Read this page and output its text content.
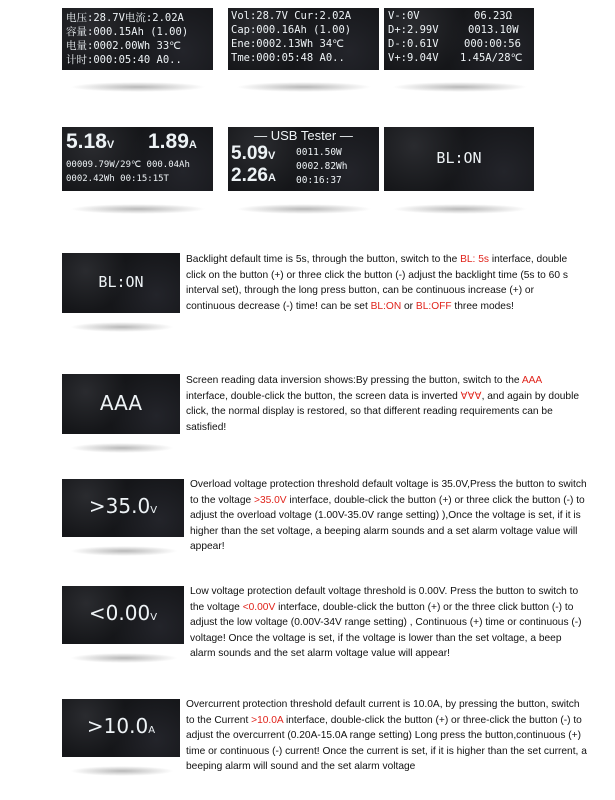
电压:28.7V电流:2.02A
容量:000.15Ah (1.00)
电量:0002.00Wh 33℃
计时:000:05:40 A0..
Vol:28.7V Cur:2.02A
Cap:000.16Ah (1.00)
Ene:0002.13Wh 34℃
Tme:000:05:48 A0..
V-:0V	06.23Ω
D+:2.99V	0013.10W
D-:0.61V 000:00:56
V+:9.04V 1.45A/28℃
5.18V 1.89A
00009.79W/29℃ 000.04Ah
0002.42Wh 00:15:15T
— USB Tester —
5.09V
2.26A
0011.50W
0002.82Wh
00:16:37
BL:ON
BL:ON
Backlight default time is 5s, through the button, switch to the BL: 5s interface, double click on the button (+) or three click the button (-) adjust the backlight time (5s to 60 s interval set), through the long press button, can be continuous increase (+) or continuous decrease (-) time! can be set BL:ON or BL:OFF three modes!
AAA
Screen reading data inversion shows:By pressing the button, switch to the AAA interface, double-click the button, the screen data is inverted ∀∀∀, and again by double click, the normal display is restored, so that different reading requirements can be satisfied!
>35.0V
Overload voltage protection threshold default voltage is 35.0V,Press the button to switch to the voltage >35.0V interface, double-click the button (+) or three click the button (-) to adjust the overload voltage (1.00V-35.0V range setting) ),Once the voltage is set, if it is higher than the set voltage, a beeping alarm sounds and a set alarm voltage value will appear!
<0.00V
Low voltage protection default voltage threshold is 0.00V. Press the button to switch to the voltage <0.00V interface, double-click the button (+) or the three click button (-) to adjust the low voltage (0.00V-34V range setting) , Continuous (+) time or continuous (-) voltage! Once the voltage is set, if the voltage is lower than the set voltage, a beep alarm sounds and the set alarm voltage value will appear!
>10.0A
Overcurrent protection threshold default current is 10.0A, by pressing the button, switch to the Current >10.0A interface, double-click the button (+) or three-click the button (-) to adjust the overcurrent (0.20A-15.0A range setting) Long press the button,continuous (+) time or continuous (-) current! Once the current is set, if it is higher than the set current, a beeping alarm will sound and the set alarm voltage
